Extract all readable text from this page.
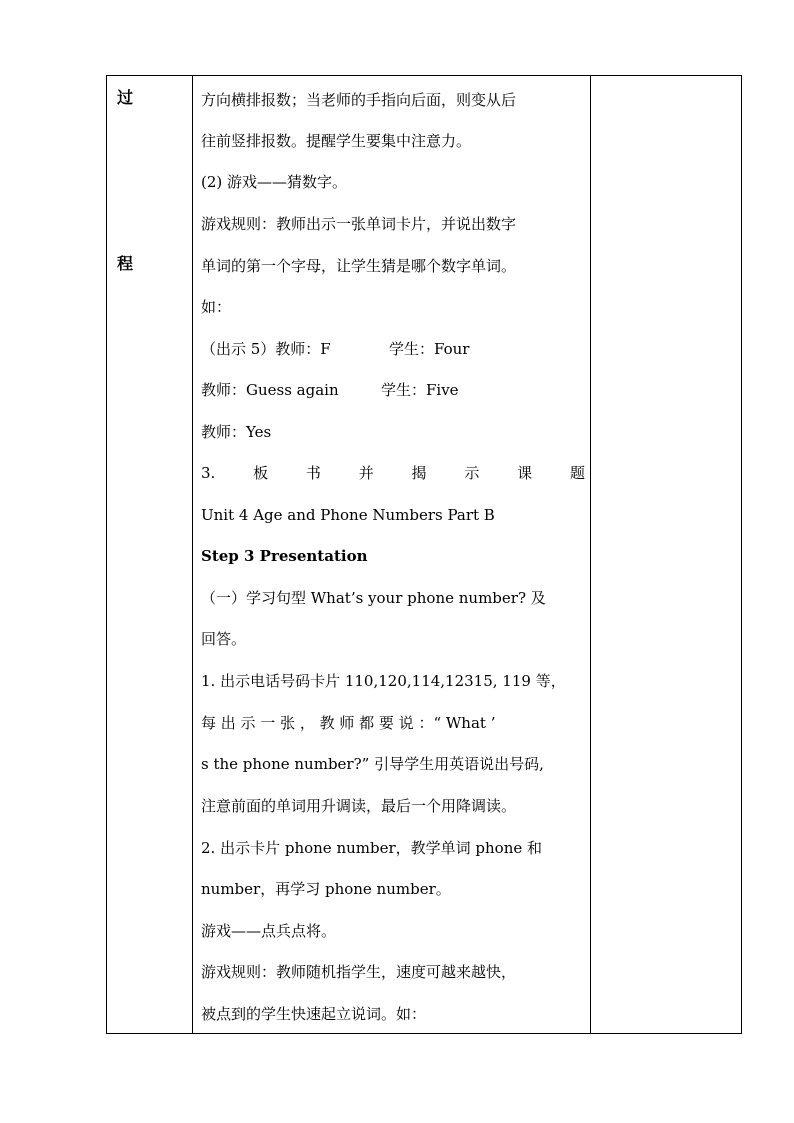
过
程

方向横排报数；当老师的手指向后面，则变从后
往前竖排报数。提醒学生要集中注意力。
(2) 游戏——猜数字。
游戏规则：教师出示一张单词卡片，并说出数字
单词的第一个字母，让学生猜是哪个数字单词。
如：
（出示 5）教师：F	学生：Four
教师：Guess again	学生：Five
教师：Yes
3.	板	书	并	揭	示	课	题
Unit 4 Age and Phone Numbers Part B
Step 3 Presentation
（一）学习句型 What’s your phone number? 及
回答。
1. 出示电话号码卡片 110,120,114,12315, 119 等，
每 出 示 一 张 ， 教 师 都 要 说 ：“ What ’
s the phone number?” 引导学生用英语说出号码,
注意前面的单词用升调读，最后一个用降调读。
2. 出示卡片 phone number，教学单词 phone 和
number，再学习 phone number。
游戏——点兵点将。
游戏规则：教师随机指学生，速度可越来越快，
被点到的学生快速起立说词。如：
